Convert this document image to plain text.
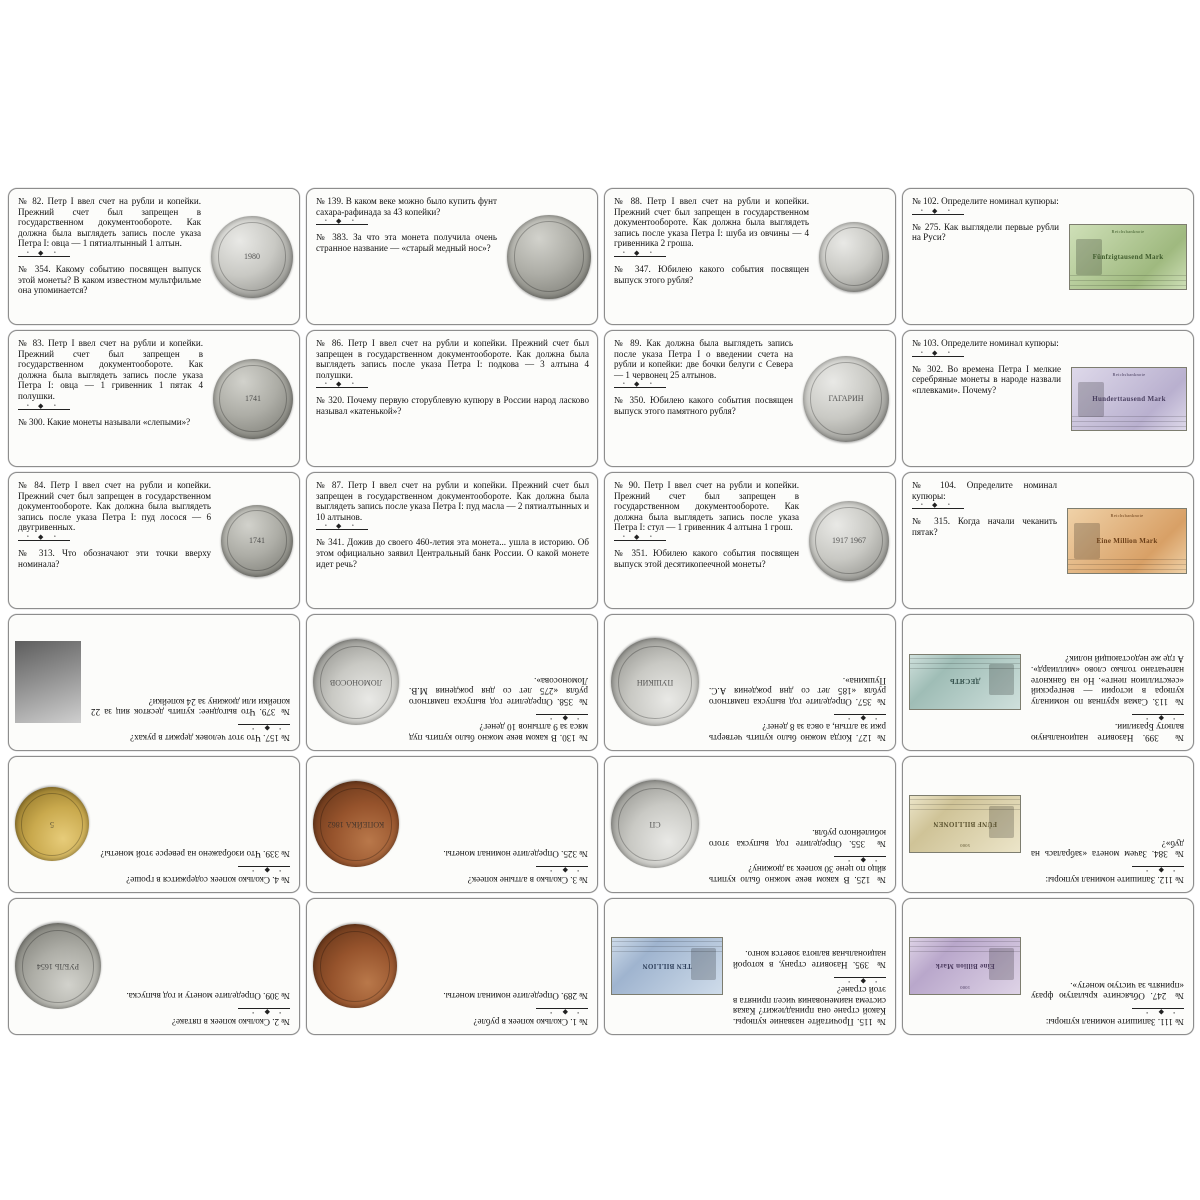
№ 82. Петр I ввел счет на рубли и копейки. Прежний счет был запрещен в государственном документообороте. Как должна была выглядеть запись после указа Петра I: овца — 1 пятиалтынный 1 алтын.

•	•
◆

№ 354. Какому событию посвящен выпуск этой монеты? В каком известном мультфильме она упоминается?

1980

№ 139. В каком веке можно было купить фунт сахара-рафинада за 43 копейки?

•	•
◆

№ 383. За что эта монета получила очень странное название — «старый медный нос»?

№ 88. Петр I ввел счет на рубли и копейки. Прежний счет был запрещен в государственном документообороте. Как должна была выглядеть запись после указа Петра I: шуба из овчины — 4 гривенника 2 гроша.

•	•
◆

№ 347. Юбилею какого события посвящен выпуск этого рубля?

№ 102. Определите номинал купюры:

•	•
◆

№ 275. Как выглядели первые рубли на Руси?

Reichsbanknote
Fünfzigtausend Mark

№ 83. Петр I ввел счет на рубли и копейки. Прежний счет был запрещен в государственном документообороте. Как должна была выглядеть запись после указа Петра I: овца — 1 гривенник 1 пятак 4 полушки.

•	•
◆

№ 300. Какие монеты называли «слепыми»?

1741

№ 86. Петр I ввел счет на рубли и копейки. Прежний счет был запрещен в государственном документообороте. Как должна была выглядеть запись после указа Петра I: подкова — 3 алтына 4 полушки.

•	•
◆

№ 320. Почему первую сторублевую купюру в России народ ласково называл «катенькой»?

№ 89. Как должна была выглядеть запись после указа Петра I о введении счета на рубли и копейки: две бочки белуги с Севера — 1 червонец 25 алтынов.

•	•
◆

№ 350. Юбилею какого события посвящен выпуск этого памятного рубля?

ГАГАРИН

№ 103. Определите номинал купюры:

•	•
◆

№ 302. Во времена Петра I мелкие серебряные монеты в народе назвали «плевками». Почему?

Reichsbanknote
Hunderttausend Mark

№ 84. Петр I ввел счет на рубли и копейки. Прежний счет был запрещен в государственном документообороте. Как должна была выглядеть запись после указа Петра I: пуд лосося — 6 двугривенных.

•	•
◆

№ 313. Что обозначают эти точки вверху номинала?

1741

№ 87. Петр I ввел счет на рубли и копейки. Прежний счет был запрещен в государственном документообороте. Как должна была выглядеть запись после указа Петра I: пуд масла — 2 пятиалтынных и 10 алтынов.

•	•
◆

№ 341. Дожив до своего 460-летия эта монета... ушла в историю. Об этом официально заявил Центральный банк России. О какой монете идет речь?

№ 90. Петр I ввел счет на рубли и копейки. Прежний счет был запрещен в государственном документообороте. Как должна была выглядеть запись после указа Петра I: стул — 1 гривенник 4 алтына 1 грош.

•	•
◆

№ 351. Юбилею какого события посвящен выпуск этой десятикопеечной монеты?

1917 1967

№ 104. Определите номинал купюры:

•	•
◆

№ 315. Когда начали чеканить пятак?

Reichsbanknote
Eine Million Mark

№ 157. Что этот человек держит в руках?

•
•
◆

№ 379. Что выгоднее: купить десяток яиц за 22 копейки или дюжину за 24 копейки?

№ 130. В каком веке можно было купить пуд мяса за 9 алтынов 10 денег?

•
•
◆

№ 358. Определите год выпуска памятного рубля «275 лет со дня рождения М.В. Ломоносова».

ЛОМОНОСОВ

№ 127. Когда можно было купить четверть ржи за алтын, а овса за 8 денег?

•
•
◆

№ 357. Определите год выпуска памятного рубля «185 лет со дня рождения А.С. Пушкина».

ПУШКИН

№ 399. Назовите национальную валюту Бразилии.

•
•
◆

№ 113. Самая крупная по номиналу купюра в истории — венгерский «секстиллион пенге». Но на банкноте напечатано только слово «миллиард». А где же недостающий нолик?

ДЕСЯТЬ

№ 4. Сколько копеек содержится в гроше?

•
•
◆

№ 339. Что изображено на реверсе этой монеты?

5

№ 3. Сколько в алтыне копеек?

•
•
◆

№ 325. Определите номинал монеты.

КОПЕЙКА 1862

№ 125. В каком веке можно было купить яйцо по цене 30 копеек за дюжину?

•
•
◆

№ 355. Определите год выпуска этого юбилейного рубля.

СП

№ 112. Запишите номинал купюры:

•
•
◆

№ 384. Зачем монета «забралась на дуб»?

5000
FÜNF BILLIONEN

№ 2. Сколько копеек в пятаке?

•
•
◆

№ 309. Определите монету и год выпуска.

РУБЛЬ 1654

№ 1. Сколько копеек в рубле?

•
•
◆

№ 289. Определите номинал монеты.

№ 115. Прочитайте название купюры. Какой стране она принадлежит? Какая система наименования чисел принята в этой стране?

•
•
◆

№ 395. Назовите страну, в которой национальная валюта зовется конго.

TEN BILLION

№ 111. Запишите номинал купюры:

•
•
◆

№ 247. Объясните крылатую фразу «принять за чистую монету».

1000
Eine Billion Mark
